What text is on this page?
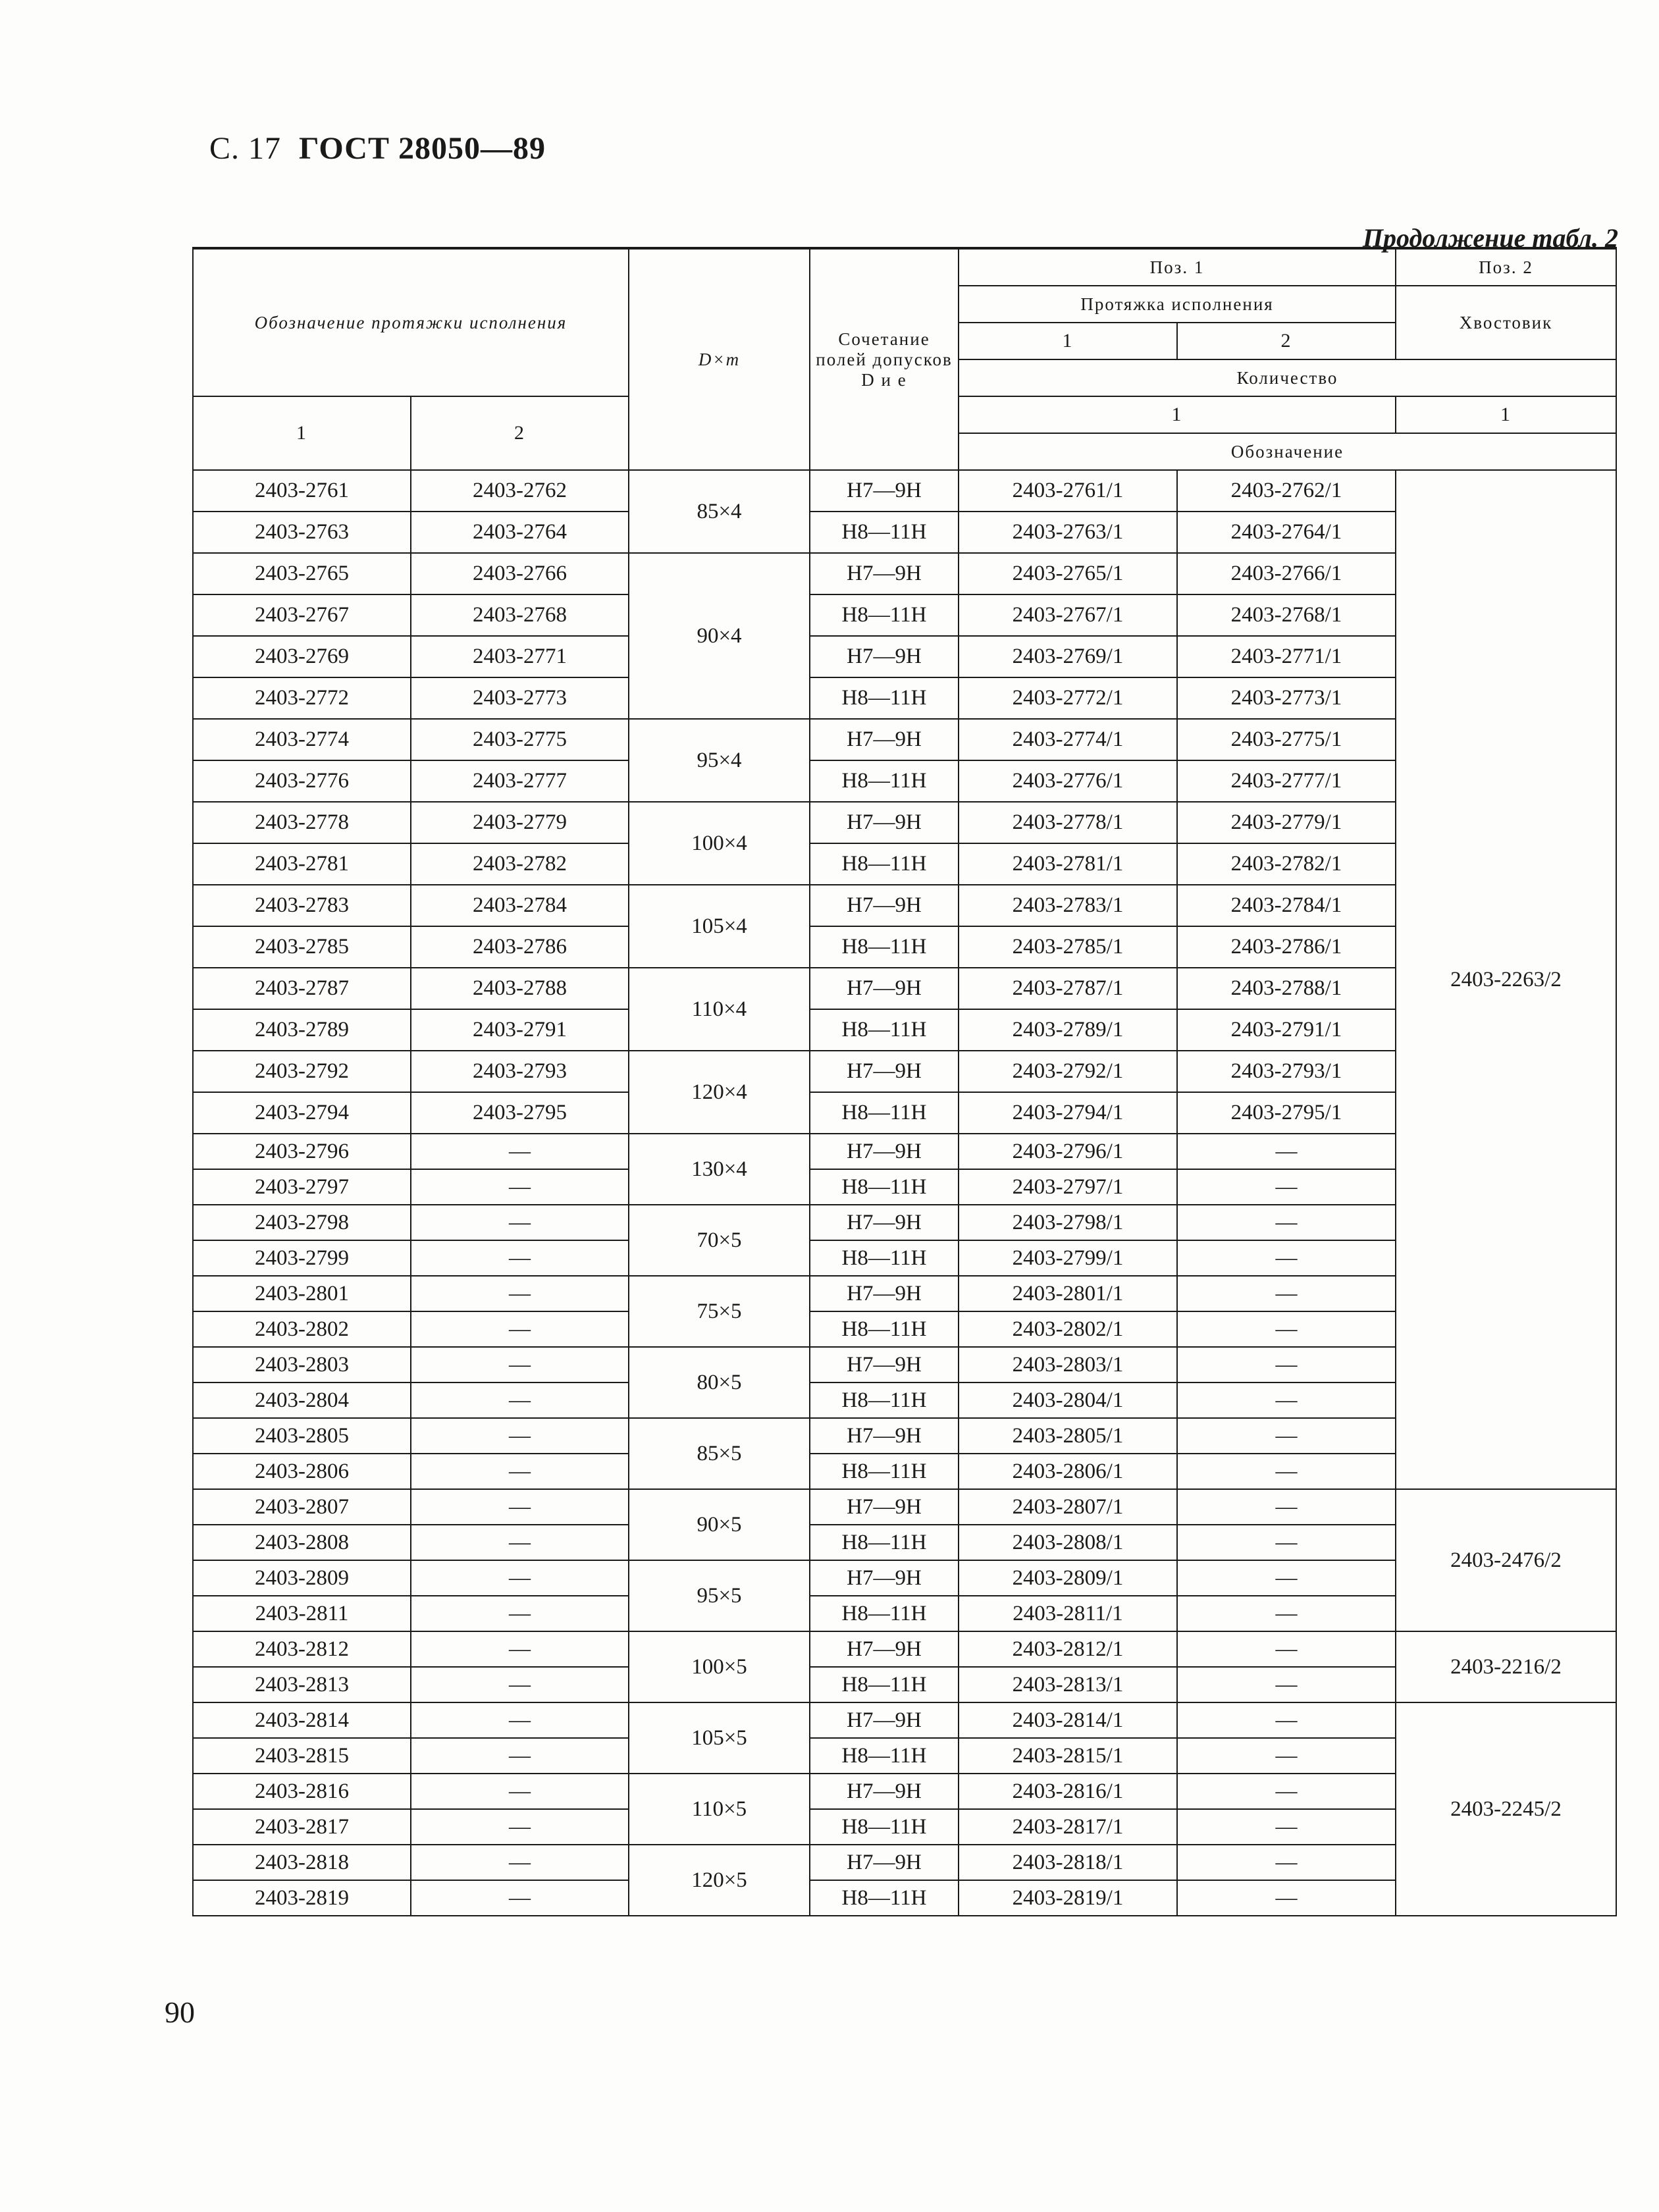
С. 17 ГОСТ 28050—89
Продолжение табл. 2
Обозначение протяжки исполнения		D×m	Сочетание полей допусков D и e	Поз. 1		Поз. 2
				Протяжка исполнения		Хвостовик
				1	2	
				Количество		
1	2			1		1
				Обозначение		
2403-2761	2403-2762	85×4	H7—9H	2403-2761/1	2403-2762/1	2403-2263/2
2403-2763	2403-2764		H8—11H	2403-2763/1	2403-2764/1	
2403-2765	2403-2766	90×4	H7—9H	2403-2765/1	2403-2766/1	
2403-2767	2403-2768		H8—11H	2403-2767/1	2403-2768/1	
2403-2769	2403-2771		H7—9H	2403-2769/1	2403-2771/1	
2403-2772	2403-2773		H8—11H	2403-2772/1	2403-2773/1	
2403-2774	2403-2775	95×4	H7—9H	2403-2774/1	2403-2775/1	
2403-2776	2403-2777		H8—11H	2403-2776/1	2403-2777/1	
2403-2778	2403-2779	100×4	H7—9H	2403-2778/1	2403-2779/1	
2403-2781	2403-2782		H8—11H	2403-2781/1	2403-2782/1	
2403-2783	2403-2784	105×4	H7—9H	2403-2783/1	2403-2784/1	
2403-2785	2403-2786		H8—11H	2403-2785/1	2403-2786/1	
2403-2787	2403-2788	110×4	H7—9H	2403-2787/1	2403-2788/1	
2403-2789	2403-2791		H8—11H	2403-2789/1	2403-2791/1	
2403-2792	2403-2793	120×4	H7—9H	2403-2792/1	2403-2793/1	
2403-2794	2403-2795		H8—11H	2403-2794/1	2403-2795/1	
2403-2796	—	130×4	H7—9H	2403-2796/1	—	
2403-2797	—		H8—11H	2403-2797/1	—	
2403-2798	—	70×5	H7—9H	2403-2798/1	—	
2403-2799	—		H8—11H	2403-2799/1	—	
2403-2801	—	75×5	H7—9H	2403-2801/1	—	
2403-2802	—		H8—11H	2403-2802/1	—	
2403-2803	—	80×5	H7—9H	2403-2803/1	—	
2403-2804	—		H8—11H	2403-2804/1	—	
2403-2805	—	85×5	H7—9H	2403-2805/1	—	
2403-2806	—		H8—11H	2403-2806/1	—	
2403-2807	—	90×5	H7—9H	2403-2807/1	—	2403-2476/2
2403-2808	—		H8—11H	2403-2808/1	—	
2403-2809	—	95×5	H7—9H	2403-2809/1	—	
2403-2811	—		H8—11H	2403-2811/1	—	
2403-2812	—	100×5	H7—9H	2403-2812/1	—	2403-2216/2
2403-2813	—		H8—11H	2403-2813/1	—	
2403-2814	—	105×5	H7—9H	2403-2814/1	—	2403-2245/2
2403-2815	—		H8—11H	2403-2815/1	—	
2403-2816	—	110×5	H7—9H	2403-2816/1	—	
2403-2817	—		H8—11H	2403-2817/1	—	
2403-2818	—	120×5	H7—9H	2403-2818/1	—	
2403-2819	—		H8—11H	2403-2819/1	—	
90
